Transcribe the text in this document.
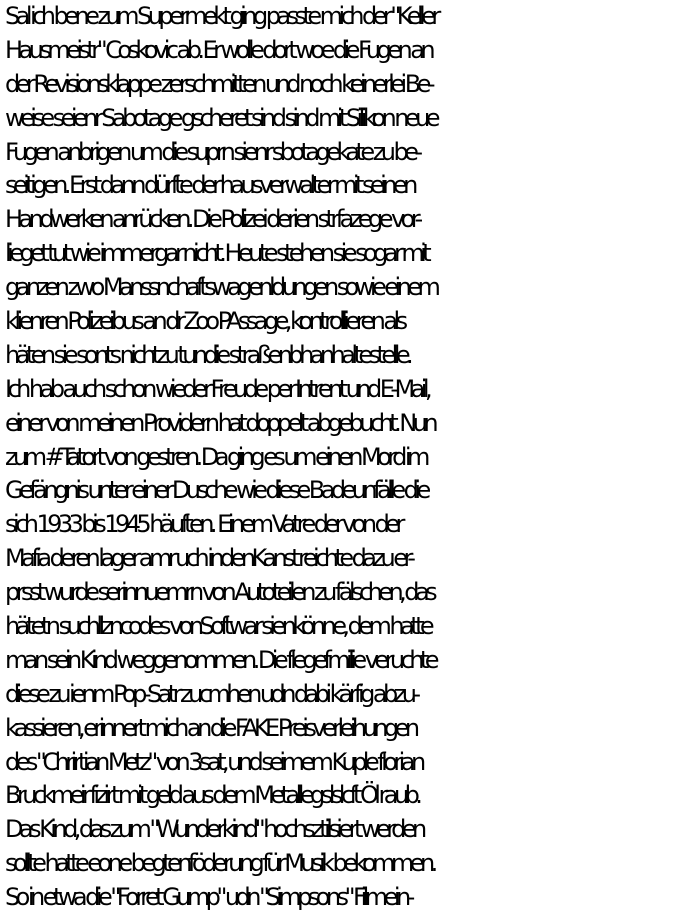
Sal ich bene zum Supermekt ging passte mich der "Keller
Hausmeistr" Coskovic ab. Er wolle dort woe die Fugen an
der Revisionsklappe zerschmitten und noch keinerlei Be-
weise seienr Sabotage gscheret sind sind mit Silikon neue
Fugen anbrigen um die suprn sienr sbotagekate zu be-
seitigen. Erst dann dürfte der hausverwalter mit seinen
Handwerken anrücken. Die Polizei derien strfazege vor-
lieget tut wie immergar nicht. Heute stehen sie sogar mit
ganzen zwo Manssnchaftswagenldungen sowie einem
klienren Polizeibus an dr Zoo PAssage, kontrollieren als
häten sie sonts nichtzu tundie straßenbhanhaltestelle.
Ich hab auch schon wieder Freude per Intrent und E-Mail,
einer von meinen Providern hat doppelt abgebucht. Nun
zum #Tatort von gestren. Da ging es um einen Mord im
Gefängnis unter einer Dusche wie diese Badeunfälle die
sich 1933 bis 1945 häuften.  Einem Vatre der von der
Mafia deren lager amr uch indenKanst reichte dazu er-
prsst wurde serinnuemrn von Autoteilen zu fälschen, das
hätetn suchllzncodes vonSoftwar sienkönne, dem hatte
man sein Kind weggenommen. Die flegefmilie veruchte
diese zu ienm Pop-Satr zucmhen udn dabi kärfig abzu-
kassieren, erinnert mich an die FAKE Preisverleihungen
des "Chrirtian Metz" von 3sat, und seimem Kuple florian
Bruckmeir fizirt mit geld aus dem Metallegslslcft Öl raub.
Das Kind, das zum "Wunderkind" hochsztilsiert werden
sollte hatte eone begtenföderung für Musik bekommen.
So in etwa die "Forret Gump" udn "Simpsons" Filmein-
